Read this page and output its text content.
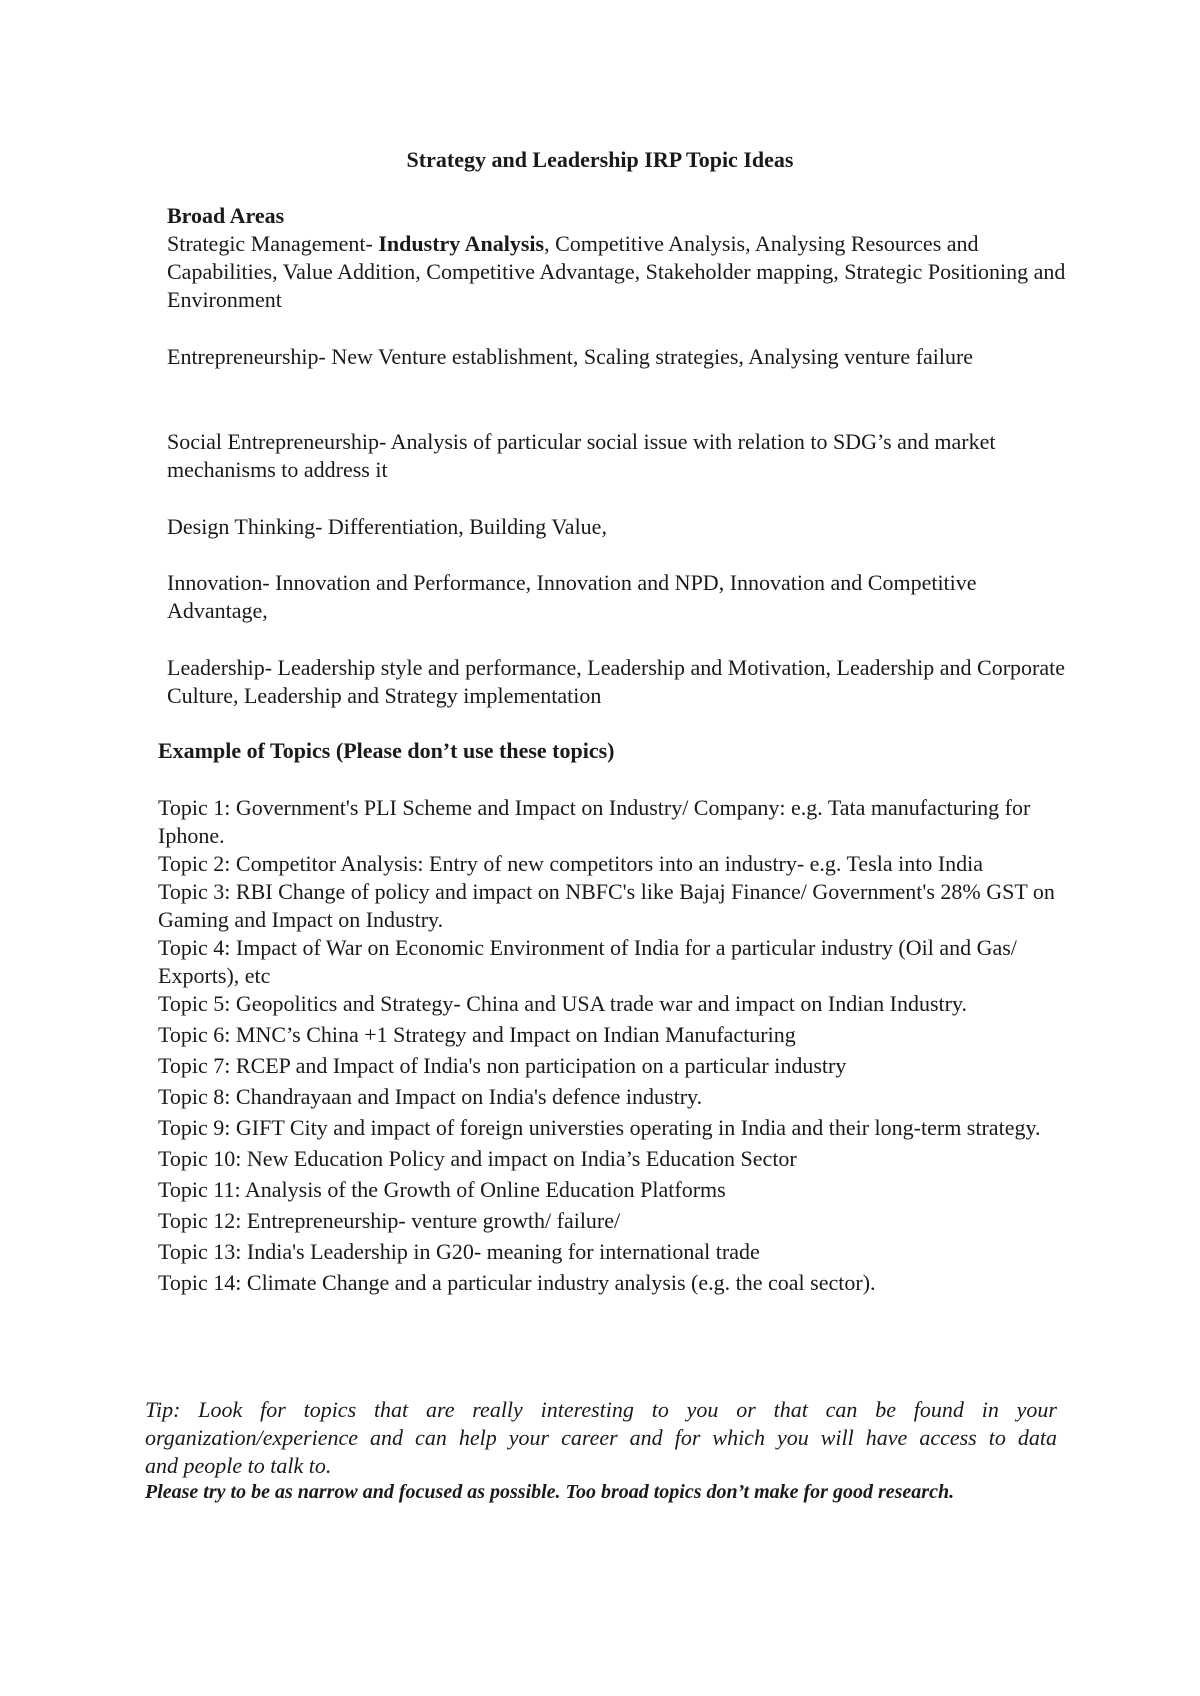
Strategy and Leadership IRP Topic Ideas

Broad Areas

Strategic Management- Industry Analysis, Competitive Analysis, Analysing Resources and Capabilities, Value Addition, Competitive Advantage, Stakeholder mapping, Strategic Positioning and Environment

Entrepreneurship- New Venture establishment, Scaling strategies, Analysing venture failure

Social Entrepreneurship- Analysis of particular social issue with relation to SDG’s and market mechanisms to address it

Design Thinking- Differentiation, Building Value,

Innovation- Innovation and Performance, Innovation and NPD, Innovation and Competitive Advantage,

Leadership- Leadership style and performance, Leadership and Motivation, Leadership and Corporate Culture, Leadership and Strategy implementation

Example of Topics (Please don’t use these topics)

Topic 1: Government's PLI Scheme and Impact on Industry/ Company: e.g. Tata manufacturing for Iphone.

Topic 2: Competitor Analysis: Entry of new competitors into an industry- e.g. Tesla into India

Topic 3: RBI Change of policy and impact on NBFC's like Bajaj Finance/ Government's 28% GST on Gaming and Impact on Industry.

Topic 4: Impact of War on Economic Environment of India for a particular industry (Oil and Gas/ Exports), etc

Topic 5: Geopolitics and Strategy- China and USA trade war and impact on Indian Industry.

Topic 6: MNC’s China +1 Strategy and Impact on Indian Manufacturing

Topic 7: RCEP and Impact of India's non participation on a particular industry

Topic 8: Chandrayaan and Impact on India's defence industry.

Topic 9: GIFT City and impact of foreign universties operating in India and their long-term strategy.

Topic 10: New Education Policy and impact on India’s Education Sector

Topic 11: Analysis of the Growth of Online Education Platforms

Topic 12: Entrepreneurship- venture growth/ failure/

Topic 13: India's Leadership in G20- meaning for international trade

Topic 14: Climate Change and a particular industry analysis (e.g. the coal sector).

Tip: Look for topics that are really interesting to you or that can be found in your
organization/experience and can help your career and for which you will have access to data
and people to talk to.
Please try to be as narrow and focused as possible. Too broad topics don’t make for good research.
